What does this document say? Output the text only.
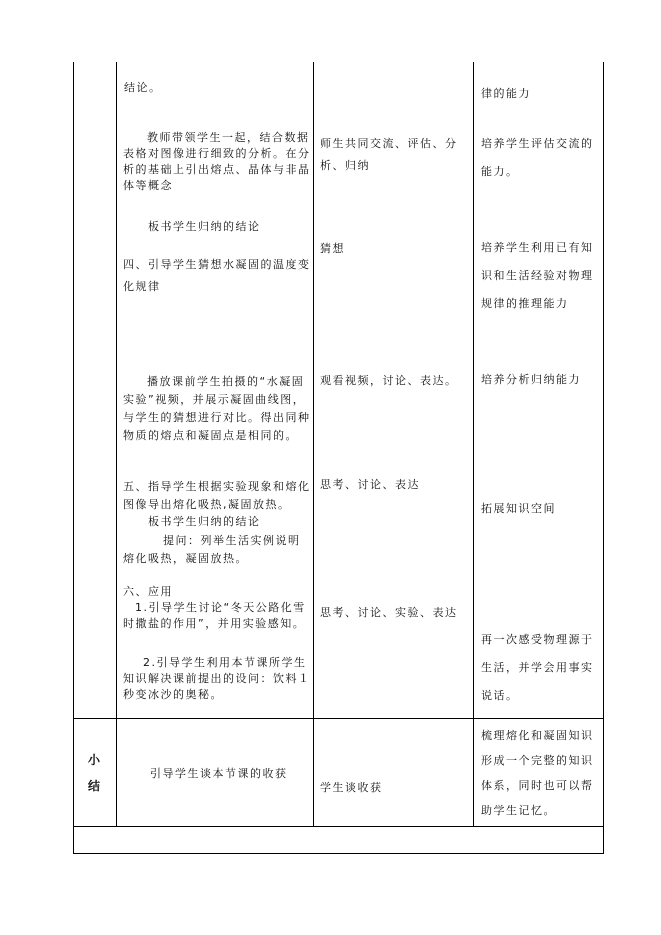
结论。
教师带领学生一起，结合数据表格对图像进行细致的分析。在分析的基础上引出熔点、晶体与非晶体等概念
板书学生归纳的结论
四、引导学生猜想水凝固的温度变化规律
播放课前学生拍摄的“水凝固实验”视频，并展示凝固曲线图，与学生的猜想进行对比。得出同种物质的熔点和凝固点是相同的。
五、指导学生根据实验现象和熔化图像导出熔化吸热,凝固放热。
板书学生归纳的结论
提问：列举生活实例说明熔化吸热，凝固放热。
六、应用
1.引导学生讨论“冬天公路化雪时撒盐的作用”，并用实验感知。
2.引导学生利用本节课所学生知识解决课前提出的设问：饮料１秒变冰沙的奥秘。
师生共同交流、评估、分析、归纳
猜想
观看视频，讨论、表达。
思考、讨论、表达
思考、讨论、实验、表达
律的能力
培养学生评估交流的能力。
培养学生利用已有知识和生活经验对物理规律的推理能力
培养分析归纳能力
拓展知识空间
再一次感受物理源于生活，并学会用事实说话。
小
结
引导学生谈本节课的收获
学生谈收获
梳理熔化和凝固知识形成一个完整的知识体系，同时也可以帮助学生记忆。
